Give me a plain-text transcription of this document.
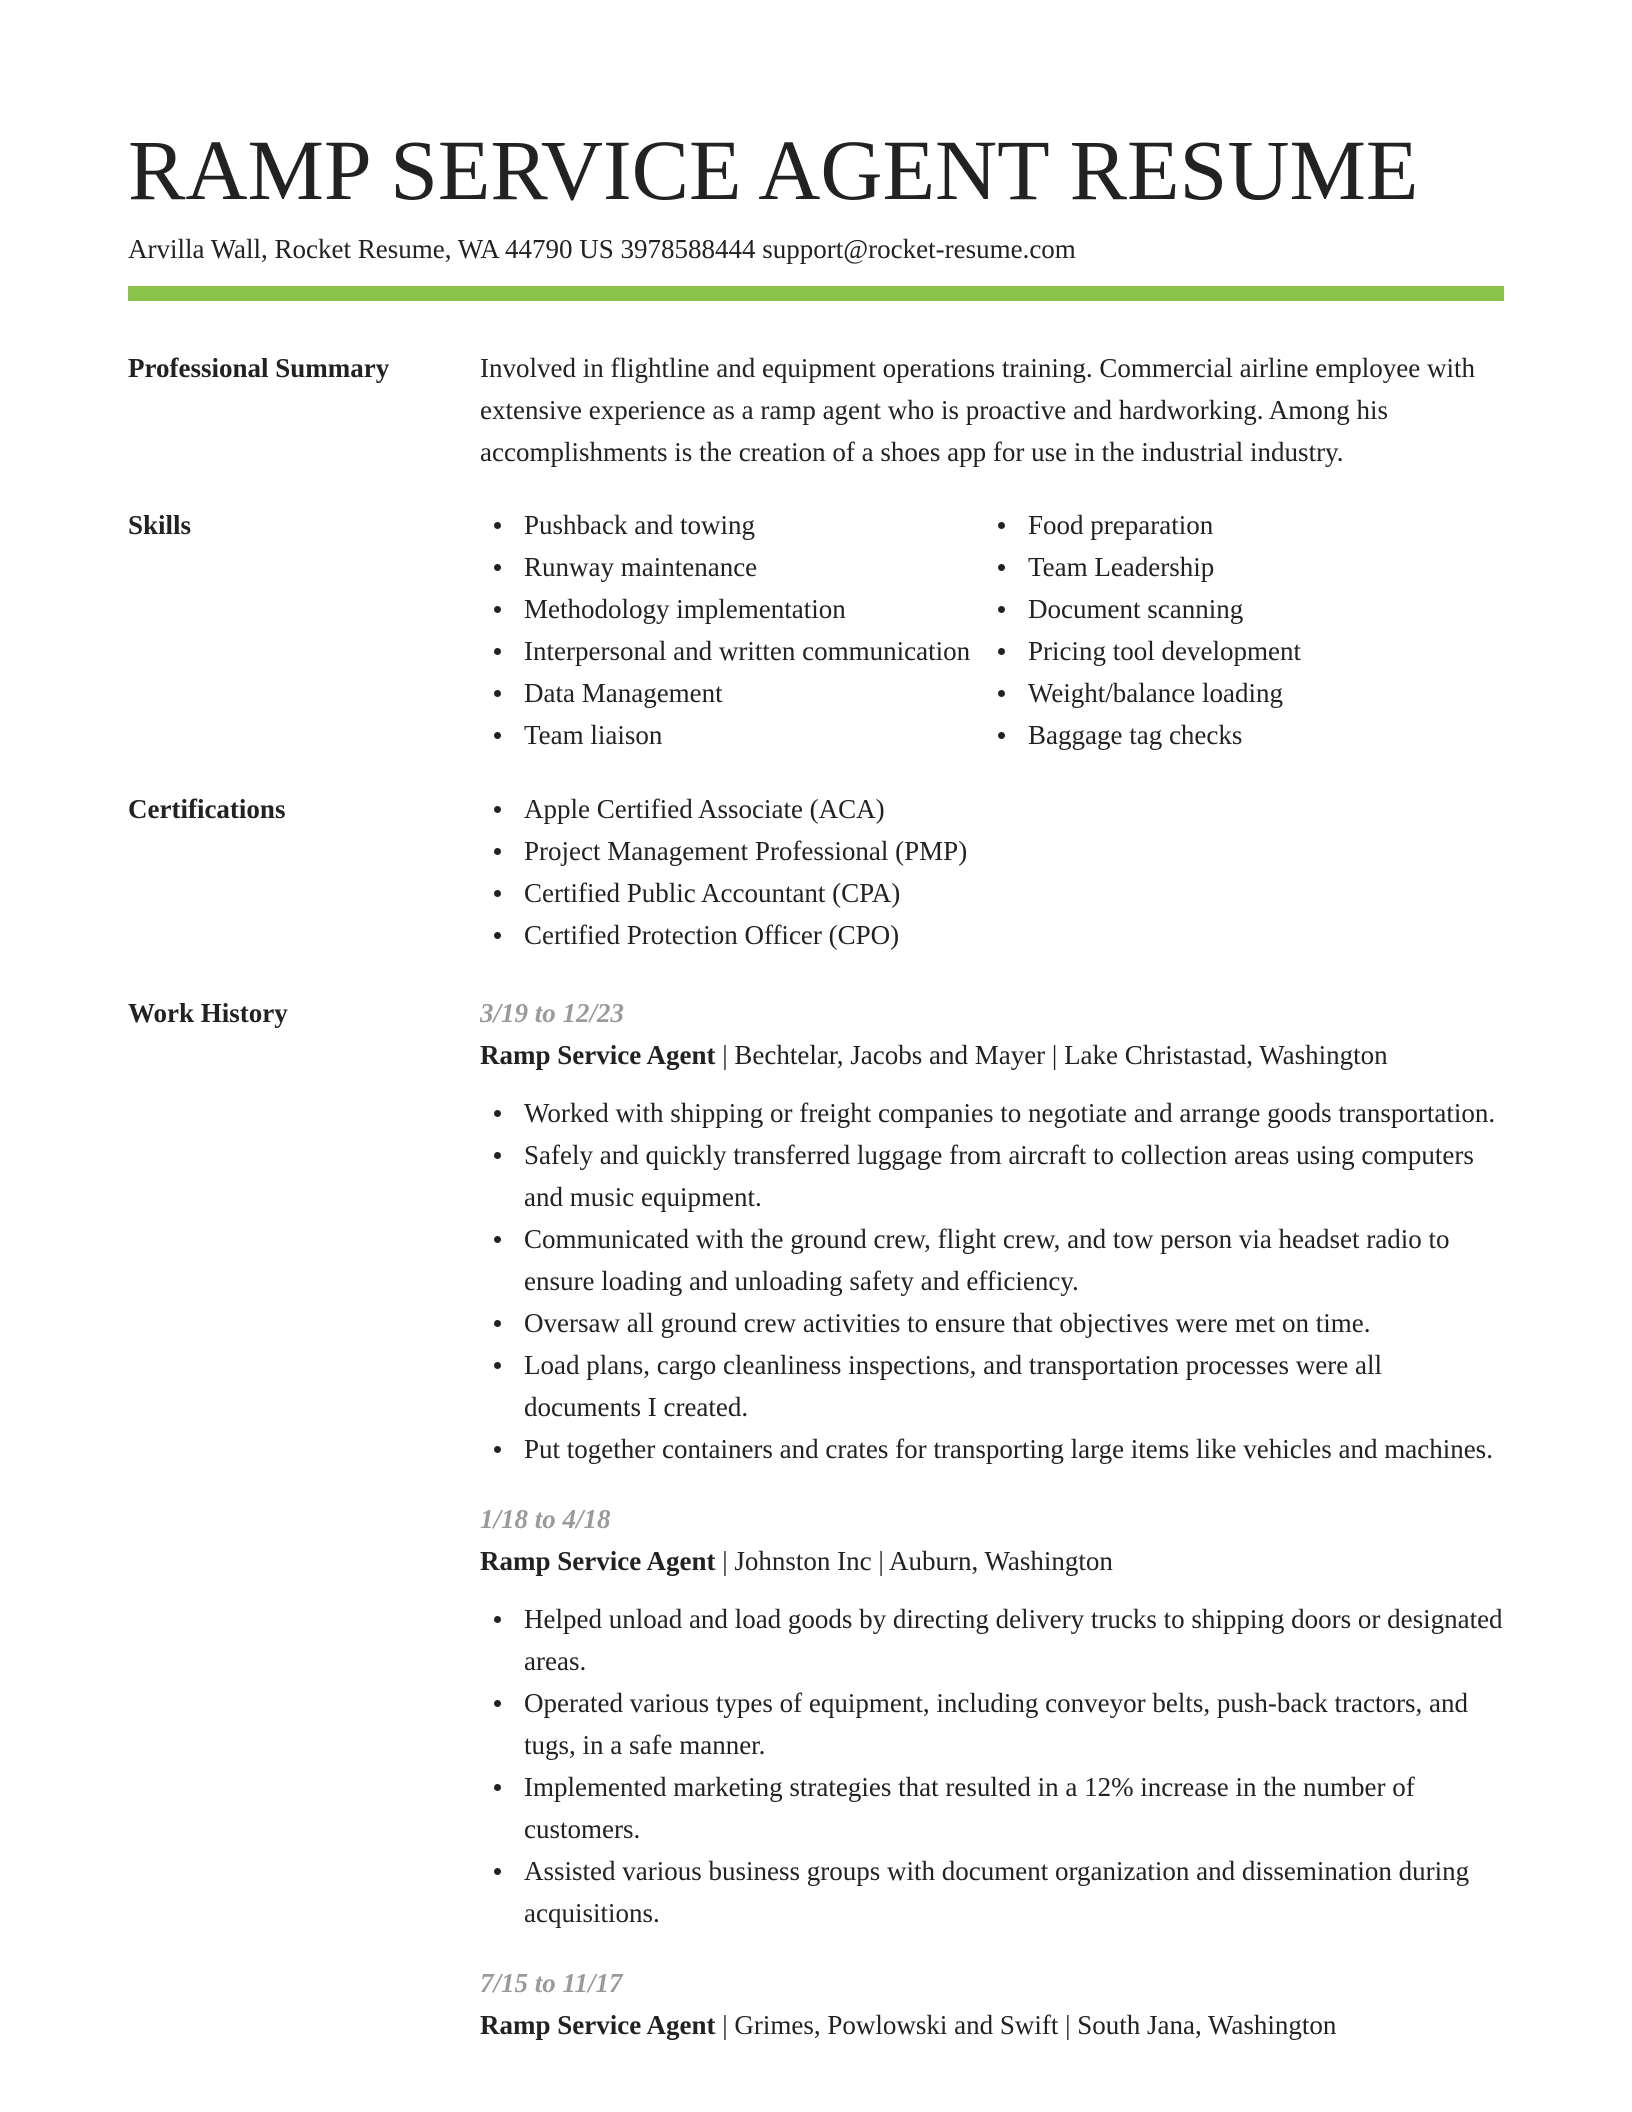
RAMP SERVICE AGENT RESUME
Arvilla Wall, Rocket Resume, WA 44790 US 3978588444 support@rocket-resume.com
Professional Summary	Involved in flightline and equipment operations training. Commercial airline employee with extensive experience as a ramp agent who is proactive and hardworking. Among his accomplishments is the creation of a shoes app for use in the industrial industry.

Skills	Pushback and towing
Runway maintenance
Methodology implementation
Interpersonal and written communication
Data Management
Team liaison
Food preparation
Team Leadership
Document scanning
Pricing tool development
Weight/balance loading
Baggage tag checks
Certifications	Apple Certified Associate (ACA)
Project Management Professional (PMP)
Certified Public Accountant (CPA)
Certified Protection Officer (CPO)
Work History	3/19 to 12/23
Ramp Service Agent | Bechtelar, Jacobs and Mayer | Lake Christastad, Washington
Worked with shipping or freight companies to negotiate and arrange goods transportation.
Safely and quickly transferred luggage from aircraft to collection areas using computers and music equipment.
Communicated with the ground crew, flight crew, and tow person via headset radio to ensure loading and unloading safety and efficiency.
Oversaw all ground crew activities to ensure that objectives were met on time.
Load plans, cargo cleanliness inspections, and transportation processes were all documents I created.
Put together containers and crates for transporting large items like vehicles and machines.
1/18 to 4/18
Ramp Service Agent | Johnston Inc | Auburn, Washington
Helped unload and load goods by directing delivery trucks to shipping doors or designated areas.
Operated various types of equipment, including conveyor belts, push-back tractors, and tugs, in a safe manner.
Implemented marketing strategies that resulted in a 12% increase in the number of customers.
Assisted various business groups with document organization and dissemination during acquisitions.
7/15 to 11/17
Ramp Service Agent | Grimes, Powlowski and Swift | South Jana, Washington
